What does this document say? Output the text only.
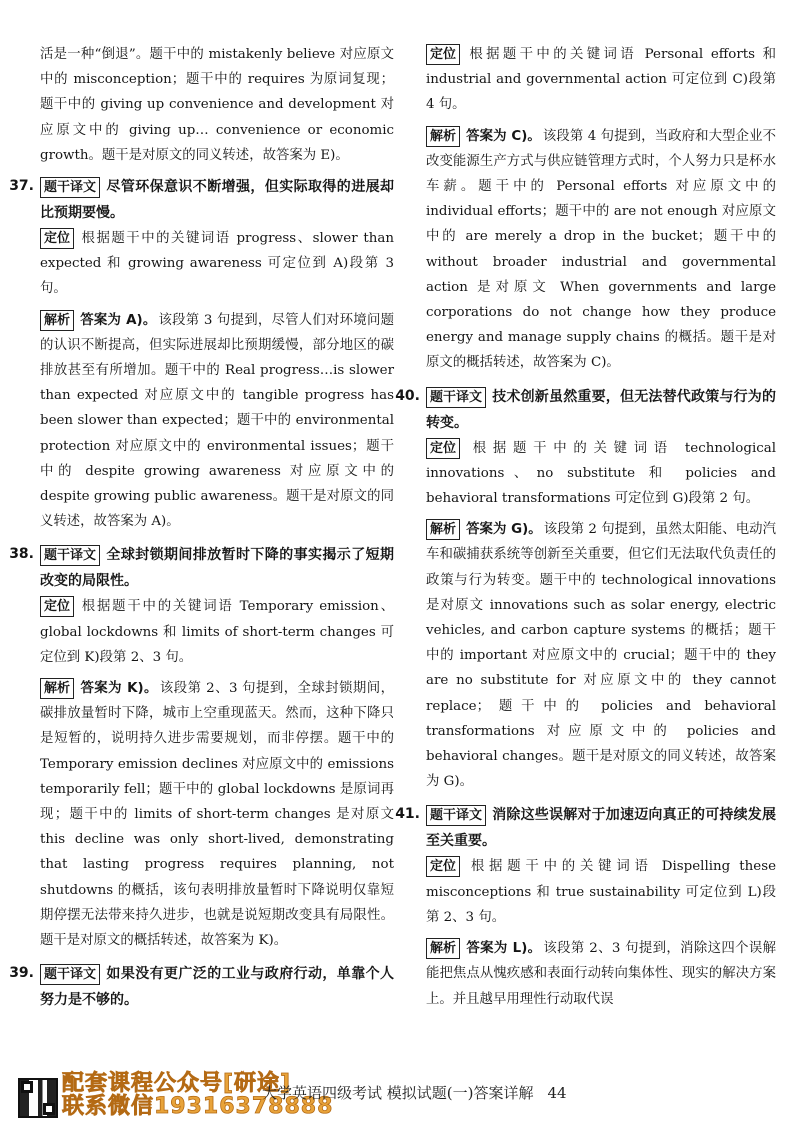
活是一种“倒退”。题干中的 mistakenly believe 对应原文中的 misconception；题干中的 requires 为原词复现；题干中的 giving up convenience and development 对应原文中的 giving up… convenience or economic growth。题干是对原文的同义转述，故答案为 E)。

37. 题干译文 尽管环保意识不断增强，但实际取得的进展却比预期要慢。

定位 根据题干中的关键词语 progress、slower than expected 和 growing awareness 可定位到 A)段第 3 句。

解析 答案为 A)。 该段第 3 句提到，尽管人们对环境问题的认识不断提高，但实际进展却比预期缓慢，部分地区的碳排放甚至有所增加。题干中的 Real progress…is slower than expected 对应原文中的 tangible progress has been slower than expected；题干中的 environmental protection 对应原文中的 environmental issues；题干中的 despite growing awareness 对应原文中的 despite growing public awareness。题干是对原文的同义转述，故答案为 A)。

38. 题干译文 全球封锁期间排放暂时下降的事实揭示了短期改变的局限性。

定位 根据题干中的关键词语 Temporary emission、global lockdowns 和 limits of short-term changes 可定位到 K)段第 2、3 句。

解析 答案为 K)。 该段第 2、3 句提到，全球封锁期间，碳排放量暂时下降，城市上空重现蓝天。然而，这种下降只是短暂的，说明持久进步需要规划，而非停摆。题干中的 Temporary emission declines 对应原文中的 emissions temporarily fell；题干中的 global lockdowns 是原词再现；题干中的 limits of short-term changes 是对原文 this decline was only short-lived, demonstrating that lasting progress requires planning, not shutdowns 的概括，该句表明排放量暂时下降说明仅靠短期停摆无法带来持久进步，也就是说短期改变具有局限性。题干是对原文的概括转述，故答案为 K)。

39. 题干译文 如果没有更广泛的工业与政府行动，单靠个人努力是不够的。

定位 根据题干中的关键词语 Personal efforts 和 industrial and governmental action 可定位到 C)段第 4 句。

解析 答案为 C)。 该段第 4 句提到，当政府和大型企业不改变能源生产方式与供应链管理方式时，个人努力只是杯水车薪。题干中的 Personal efforts 对应原文中的 individual efforts；题干中的 are not enough 对应原文中的 are merely a drop in the bucket；题干中的 without broader industrial and governmental action 是对原文 When governments and large corporations do not change how they produce energy and manage supply chains 的概括。题干是对原文的概括转述，故答案为 C)。

40. 题干译文 技术创新虽然重要，但无法替代政策与行为的转变。

定位 根据题干中的关键词语 technological innovations、no substitute 和 policies and behavioral transformations 可定位到 G)段第 2 句。

解析 答案为 G)。 该段第 2 句提到，虽然太阳能、电动汽车和碳捕获系统等创新至关重要，但它们无法取代负责任的政策与行为转变。题干中的 technological innovations 是对原文 innovations such as solar energy, electric vehicles, and carbon capture systems 的概括；题干中的 important 对应原文中的 crucial；题干中的 they are no substitute for 对应原文中的 they cannot replace；题干中的 policies and behavioral transformations 对应原文中的 policies and behavioral changes。题干是对原文的同义转述，故答案为 G)。

41. 题干译文 消除这些误解对于加速迈向真正的可持续发展至关重要。

定位 根据题干中的关键词语 Dispelling these misconceptions 和 true sustainability 可定位到 L)段第 2、3 句。

解析 答案为 L)。 该段第 2、3 句提到，消除这四个误解能把焦点从愧疚感和表面行动转向集体性、现实的解决方案上。并且越早用理性行动取代误

配套课程公众号[研途]
联系微信19316378888
大学英语四级考试 模拟试题(一)答案详解 44
